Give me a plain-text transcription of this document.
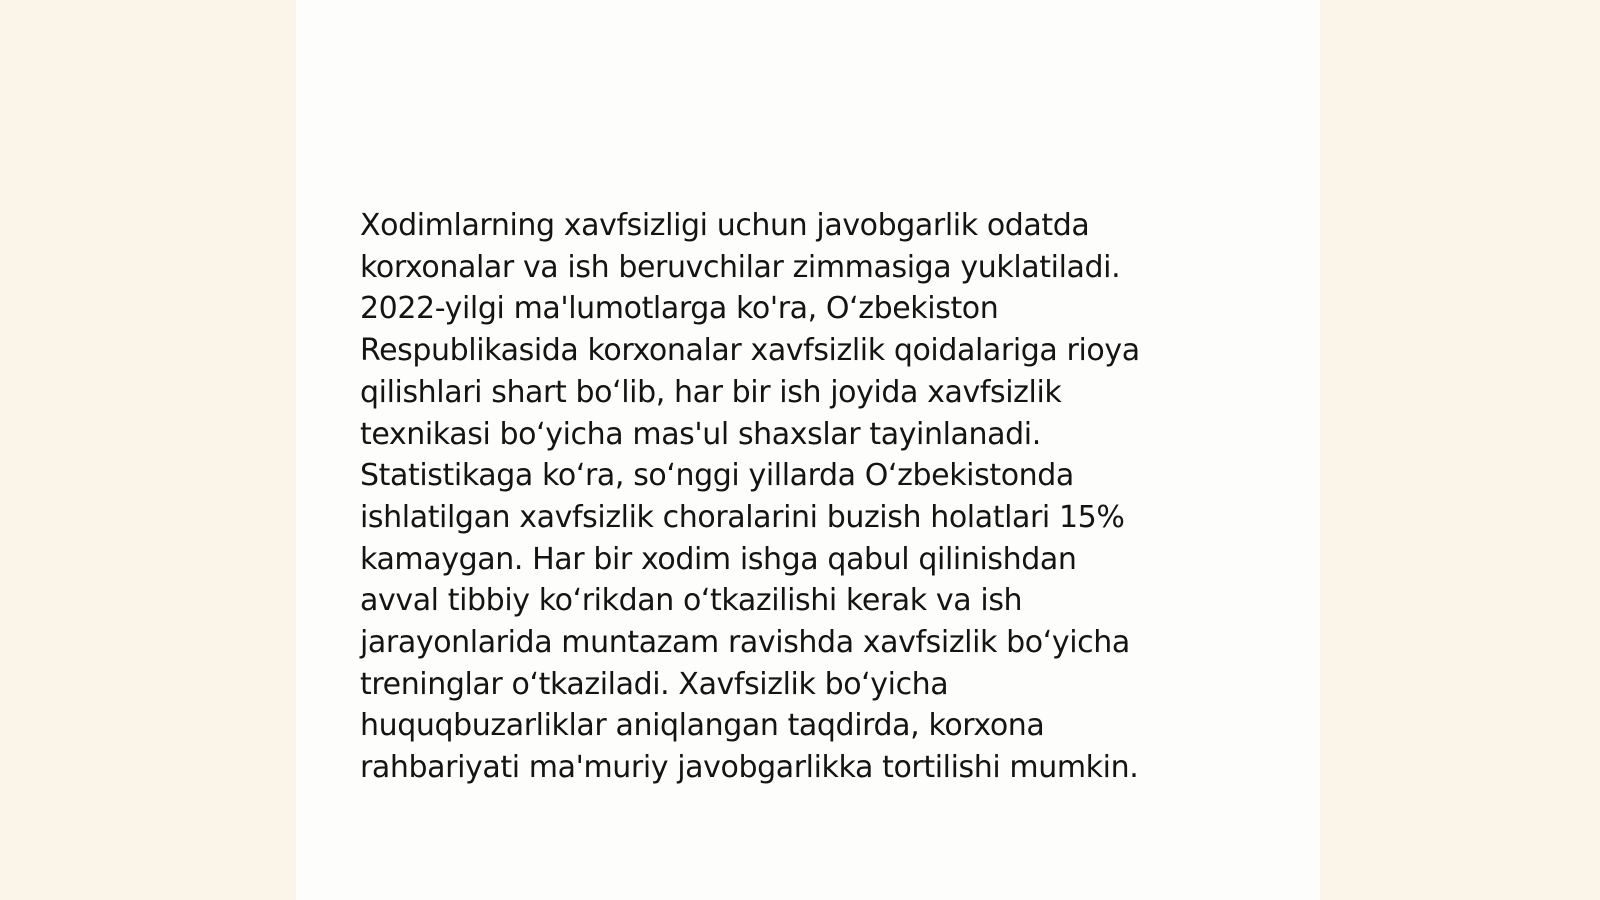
Xodimlarning xavfsizligi uchun javobgarlik odatda
korxonalar va ish beruvchilar zimmasiga yuklatiladi.
2022-yilgi ma'lumotlarga ko'ra, O‘zbekiston
Respublikasida korxonalar xavfsizlik qoidalariga rioya
qilishlari shart bo‘lib, har bir ish joyida xavfsizlik
texnikasi bo‘yicha mas'ul shaxslar tayinlanadi.
Statistikaga ko‘ra, so‘nggi yillarda O‘zbekistonda
ishlatilgan xavfsizlik choralarini buzish holatlari 15%
kamaygan. Har bir xodim ishga qabul qilinishdan
avval tibbiy ko‘rikdan o‘tkazilishi kerak va ish
jarayonlarida muntazam ravishda xavfsizlik bo‘yicha
treninglar o‘tkaziladi. Xavfsizlik bo‘yicha
huquqbuzarliklar aniqlangan taqdirda, korxona
rahbariyati ma'muriy javobgarlikka tortilishi mumkin.
